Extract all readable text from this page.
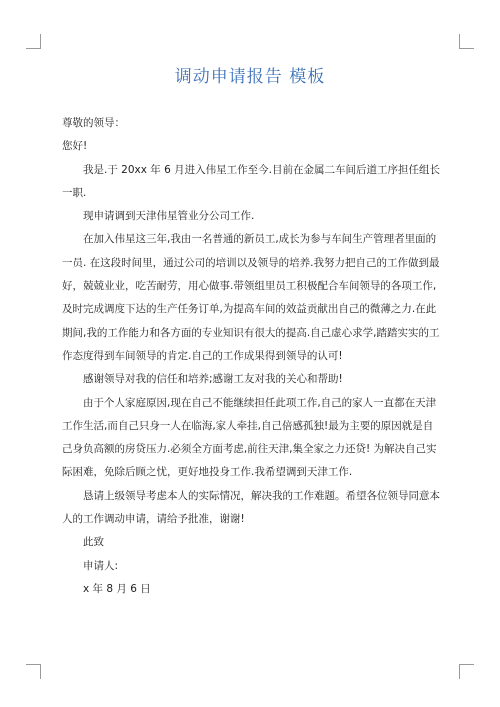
调动申请报告 模板

尊敬的领导：

您好!

我是.于 20xx 年 6 月进入伟星工作至今.目前在金属二车间后道工序担任组长一职.

现申请调到天津伟星管业分公司工作.

在加入伟星这三年,我由一名普通的新员工,成长为参与车间生产管理者里面的一员. 在这段时间里，通过公司的培训以及领导的培养.我努力把自己的工作做到最好，兢兢业业，吃苦耐劳，用心做事.带领组里员工积极配合车间领导的各项工作,及时完成调度下达的生产任务订单,为提高车间的效益贡献出自己的微薄之力.在此期间,我的工作能力和各方面的专业知识有很大的提高.自己虚心求学,踏踏实实的工作态度得到车间领导的肯定.自己的工作成果得到领导的认可!

感谢领导对我的信任和培养;感谢工友对我的关心和帮助!

由于个人家庭原因,现在自己不能继续担任此项工作,自己的家人一直都在天津工作生活,而自己只身一人在临海,家人牵挂,自己倍感孤独!最为主要的原因就是自己身负高额的房贷压力.必须全方面考虑,前往天津,集全家之力还贷! 为解决自己实际困难，免除后顾之忧，更好地投身工作.我希望调到天津工作.

恳请上级领导考虑本人的实际情况，解决我的工作难题。希望各位领导同意本人的工作调动申请，请给予批准，谢谢!

此致

申请人:

x 年 8 月 6 日
